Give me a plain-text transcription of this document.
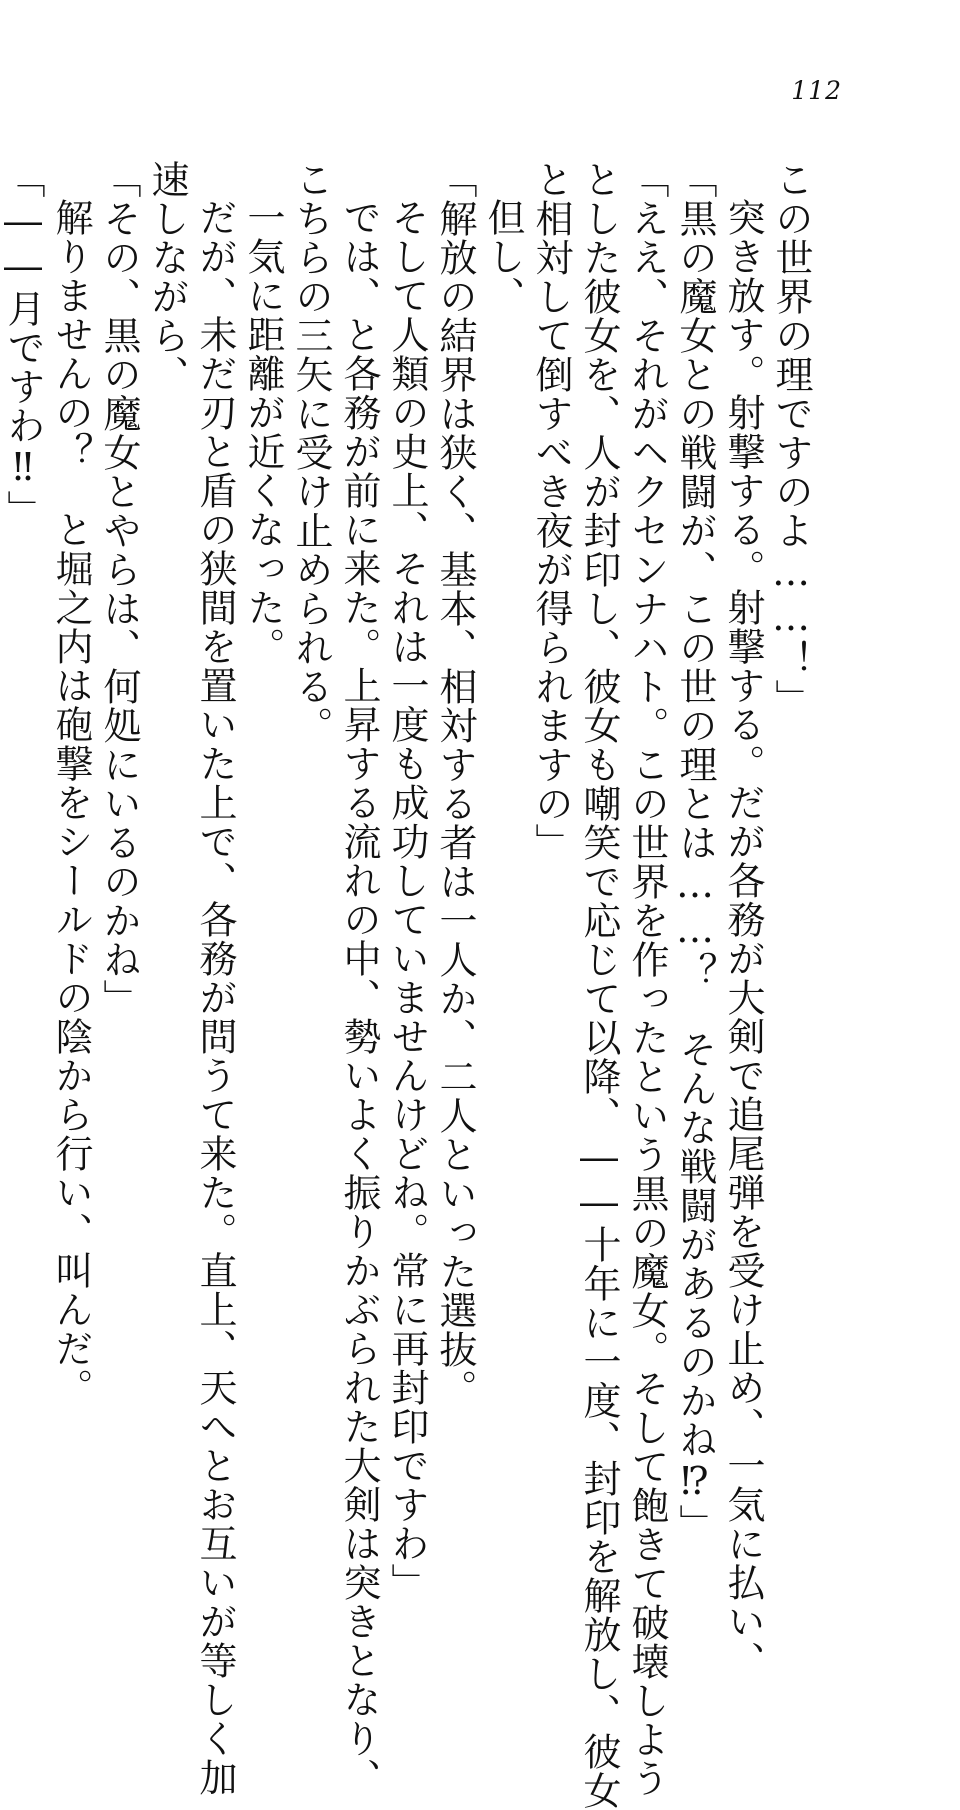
112
この世界の理ですのよ……！」
突き放す。射撃する。射撃する。だが各務が大剣で追尾弾を受け止め、一気に払い、
「黒の魔女との戦闘が、この世の理とは……？　そんな戦闘があるのかね⁉」
「ええ、それがヘクセンナハト。この世界を作ったという黒の魔女。そして飽きて破壊しよう
とした彼女を、人が封印し、彼女も嘲笑で応じて以降、――十年に一度、封印を解放し、彼女
と相対して倒すべき夜が得られますの」
但し、
「解放の結界は狭く、基本、相対する者は一人か、二人といった選抜。
そして人類の史上、それは一度も成功していませんけどね。常に再封印ですわ」
では、と各務が前に来た。上昇する流れの中、勢いよく振りかぶられた大剣は突きとなり、
こちらの三矢に受け止められる。
一気に距離が近くなった。
だが、未だ刃と盾の狭間を置いた上で、各務が問うて来た。直上、天へとお互いが等しく加
速しながら、
「その、黒の魔女とやらは、何処にいるのかね」
解りませんの？　と堀之内は砲撃をシールドの陰から行い、叫んだ。
「――月ですわ‼」
